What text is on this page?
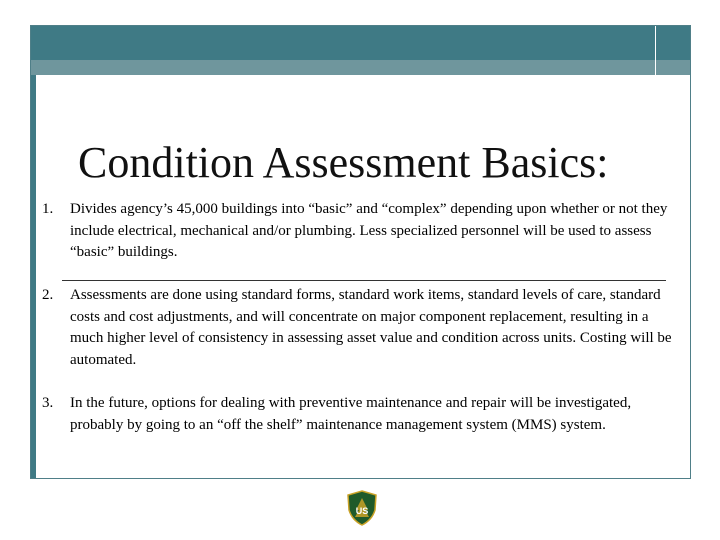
Condition Assessment Basics:
1. Divides agency’s 45,000 buildings into “basic” and “complex” depending upon whether or not they include electrical, mechanical and/or plumbing. Less specialized personnel will be used to assess “basic” buildings.
2. Assessments are done using standard forms, standard work items, standard levels of care, standard costs and cost adjustments, and will concentrate on major component replacement, resulting in a much higher level of consistency in assessing asset value and condition across units. Costing will be automated.
3. In the future, options for dealing with preventive maintenance and repair will be investigated, probably by going to an “off the shelf” maintenance management system (MMS) system.
US
